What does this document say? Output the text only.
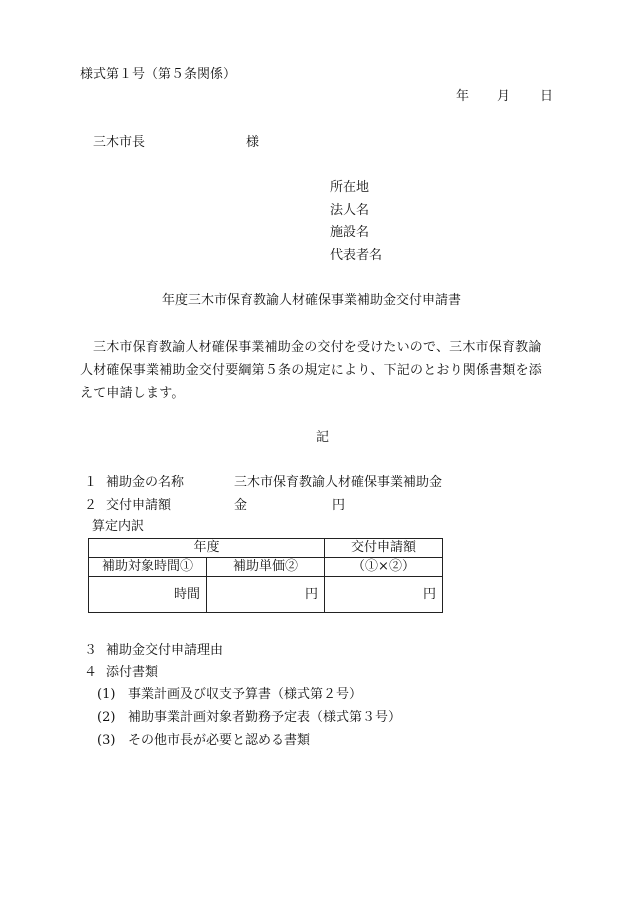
様式第１号（第５条関係）
年 月 日
三木市長	様
所在地
法人名
施設名
代表者名
年度三木市保育教諭人材確保事業補助金交付申請書
三木市保育教諭人材確保事業補助金の交付を受けたいので、三木市保育教論
人材確保事業補助金交付要綱第５条の規定により、下記のとおり関係書類を添
えて申請します。
記
１ 補助金の名称	三木市保育教諭人材確保事業補助金
２ 交付申請額	金	円
算定内訳
年度		交付申請額
補助対象時間①	補助単価②	（①×②）
時間	円	円
３ 補助金交付申請理由
４ 添付書類
(1) 事業計画及び収支予算書（様式第２号）
(2) 補助事業計画対象者勤務予定表（様式第３号）
(3) その他市長が必要と認める書類
